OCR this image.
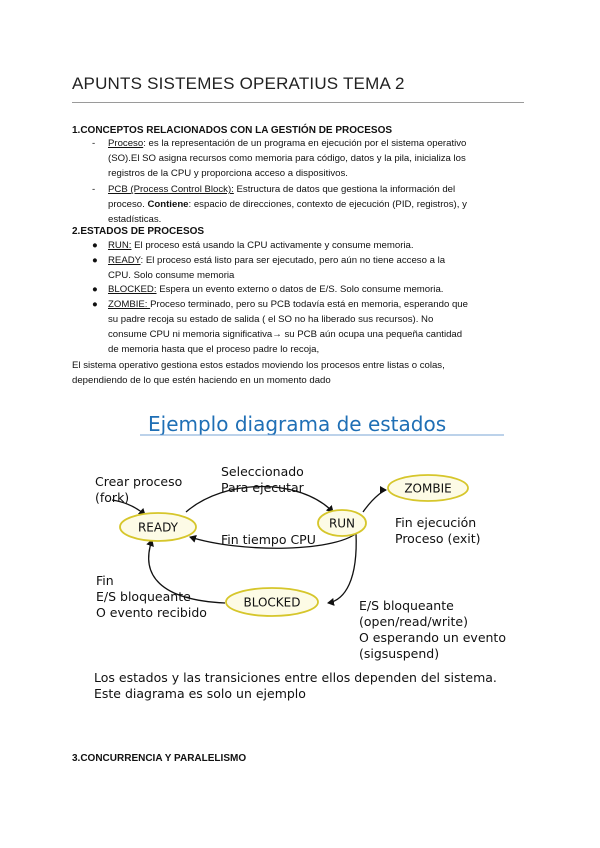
APUNTS SISTEMES OPERATIUS TEMA 2
1.CONCEPTOS RELACIONADOS CON LA GESTIÓN DE PROCESOS
- Proceso: es la representación de un programa en ejecución por el sistema operativo
(SO).El SO asigna recursos como memoria para código, datos y la pila, inicializa los
registros de la CPU y proporciona acceso a dispositivos.
- PCB (Process Control Block): Estructura de datos que gestiona la información del
proceso. Contiene: espacio de direcciones, contexto de ejecución (PID, registros), y
estadísticas.
2.ESTADOS DE PROCESOS
● RUN: El proceso está usando la CPU activamente y consume memoria.
● READY: El proceso está listo para ser ejecutado, pero aún no tiene acceso a la
CPU. Solo consume memoria
● BLOCKED: Espera un evento externo o datos de E/S. Solo consume memoria.
● ZOMBIE: Proceso terminado, pero su PCB todavía está en memoria, esperando que
su padre recoja su estado de salida ( el SO no ha liberado sus recursos). No
consume CPU ni memoria significativa→ su PCB aún ocupa una pequeña cantidad
de memoria hasta que el proceso padre lo recoja,
El sistema operativo gestiona estos estados moviendo los procesos entre listas o colas,
dependiendo de lo que estén haciendo en un momento dado
Ejemplo diagrama de estados
READY	RUN
ZOMBIE
BLOCKED
Crear proceso
(fork)
Seleccionado
Para ejecutar
Fin tiempo CPU
Fin ejecución
Proceso (exit)
Fin
E/S bloqueante
O evento recibido	E/S bloqueante
(open/read/write)
O esperando un evento
(sigsuspend)
Los estados y las transiciones entre ellos dependen del sistema.
Este diagrama es solo un ejemplo
3.CONCURRENCIA Y PARALELISMO
